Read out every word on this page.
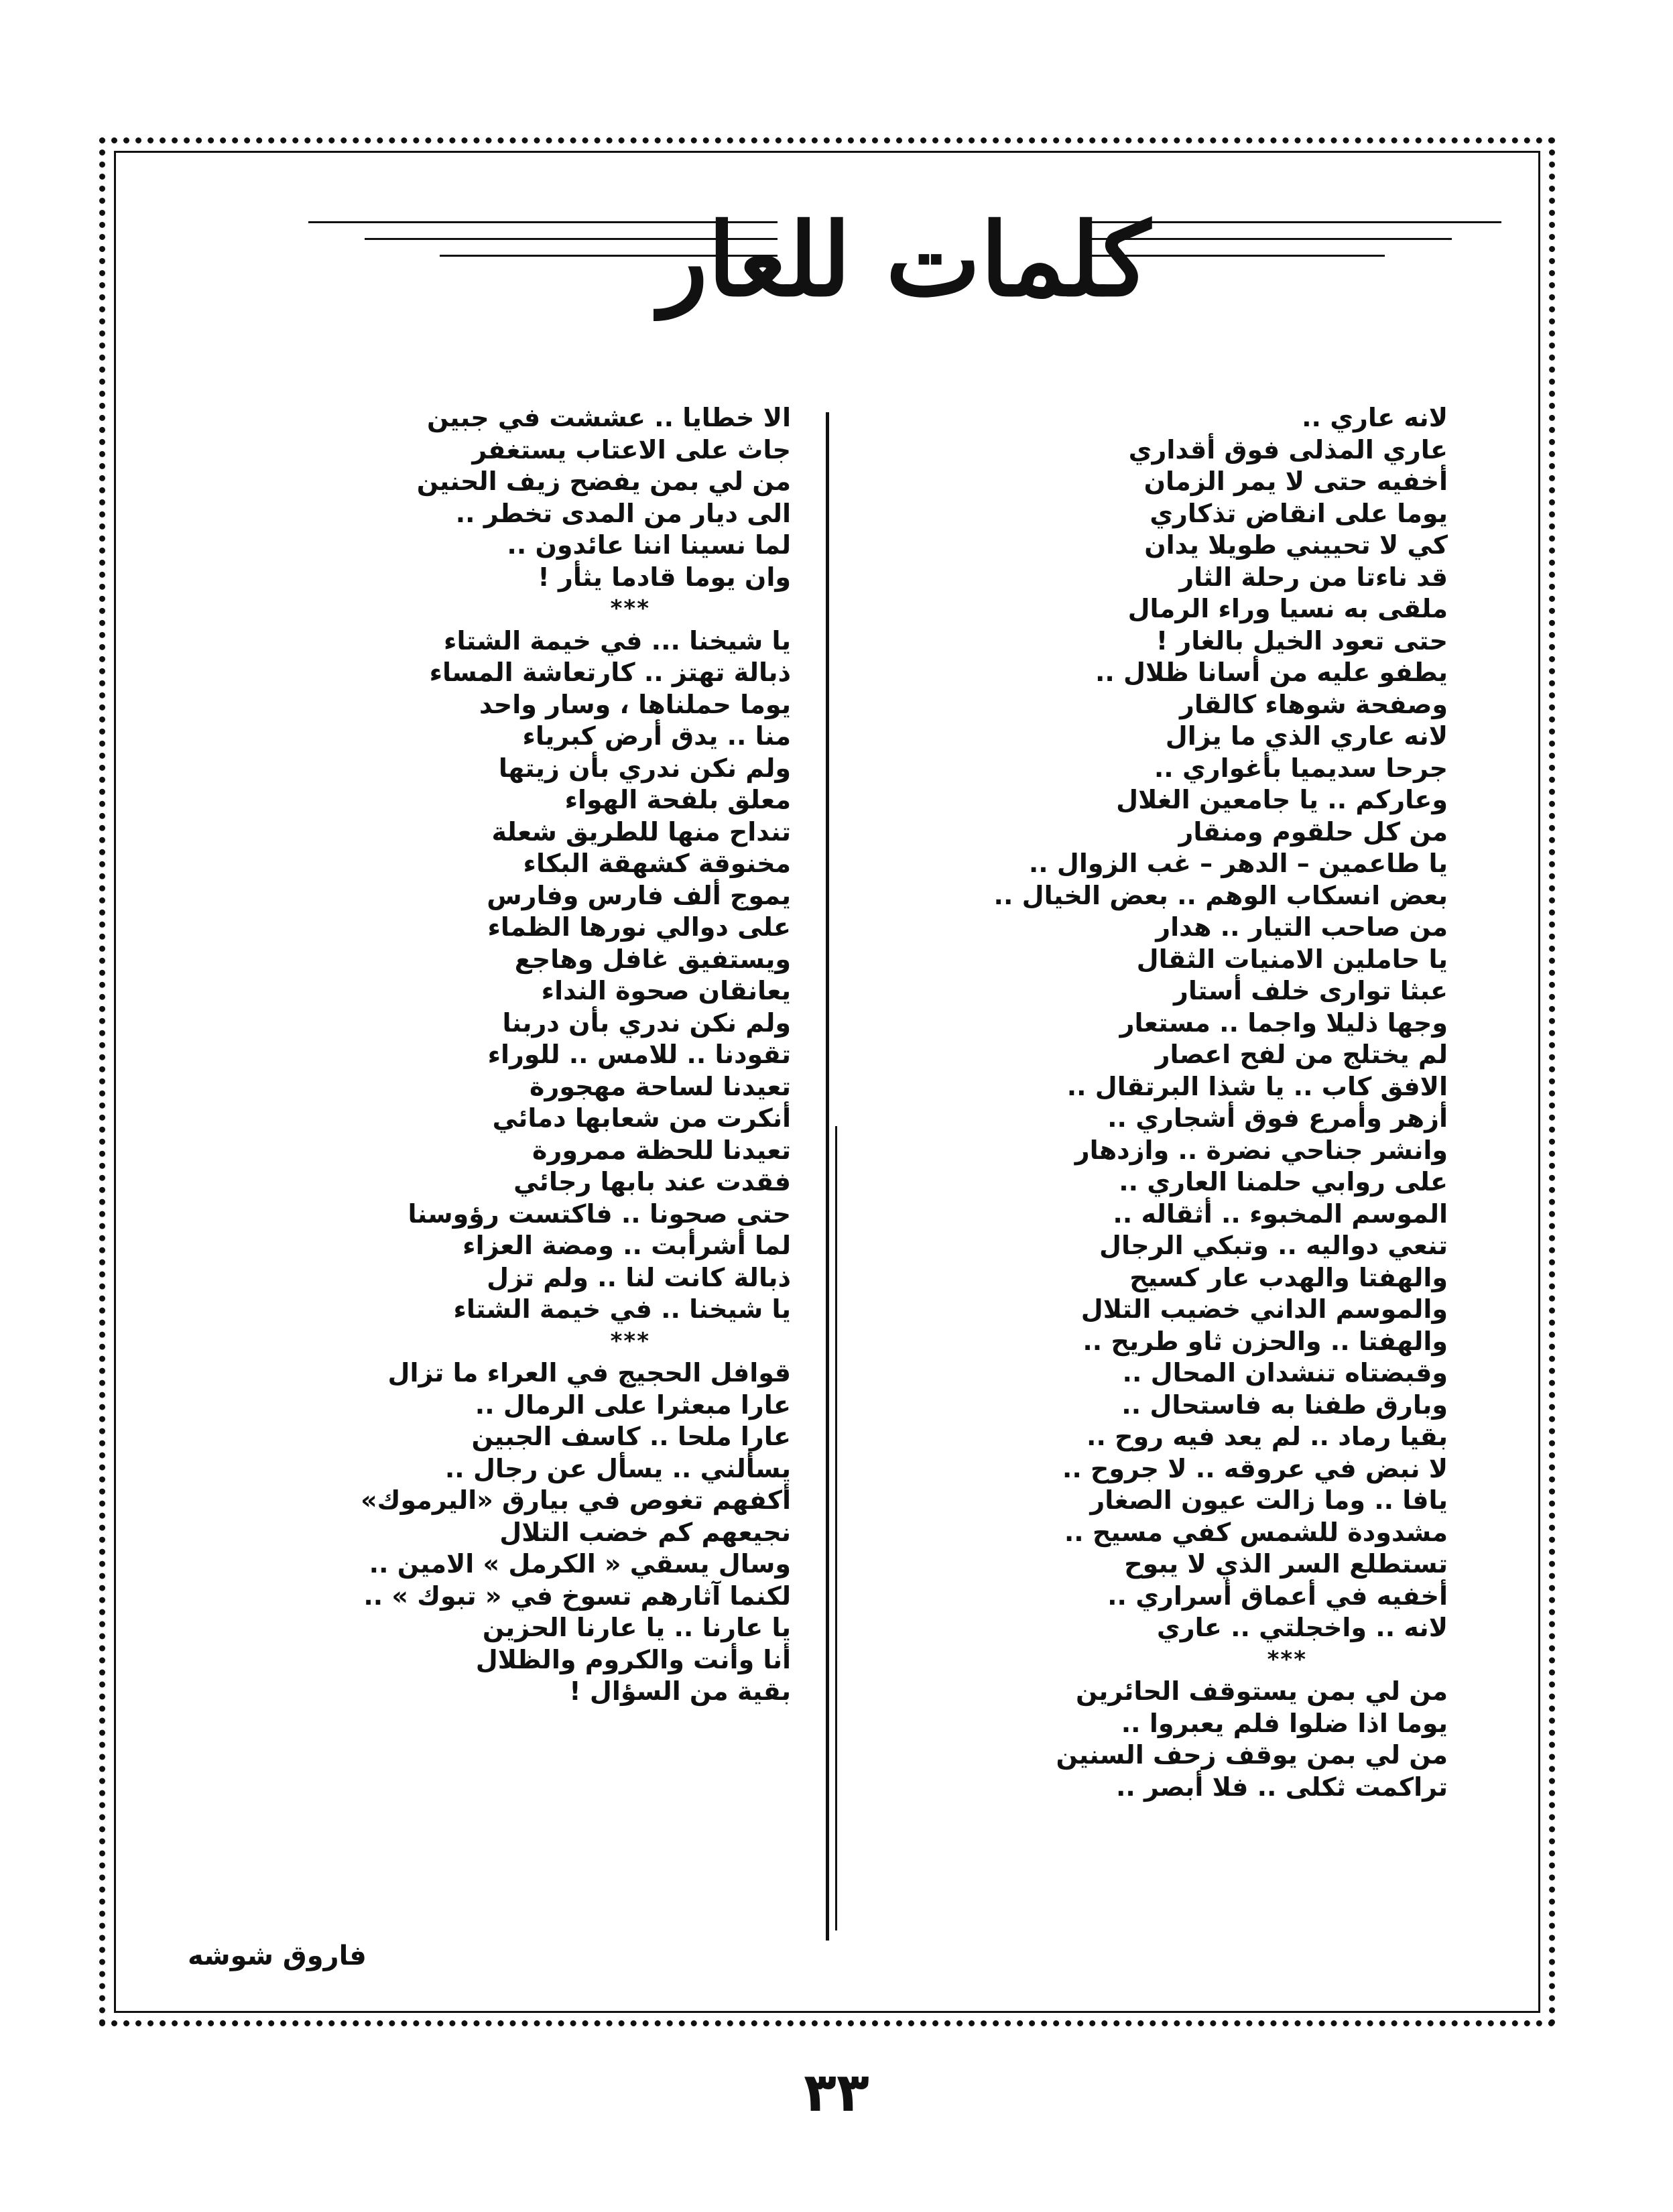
كلمات للعار
لانه عاري ..
عاري المذلى فوق أقداري
أخفيه حتى لا يمر الزمان
يوما على انقاض تذكاري
كي لا تحييني طويلا يدان
قد ناءتا من رحلة الثار
ملقى به نسيا وراء الرمال
حتى تعود الخيل بالغار !
يطفو عليه من أسانا ظلال ..
وصفحة شوهاء كالقار
لانه عاري الذي ما يزال
جرحا سديميا بأغواري ..
وعاركم .. يا جامعين الغلال
من كل حلقوم ومنقار
يا طاعمين – الدهر – غب الزوال ..
بعض انسكاب الوهم .. بعض الخيال ..
من صاحب التيار .. هدار
يا حاملين الامنيات الثقال
عبثا توارى خلف أستار
وجها ذليلا واجما .. مستعار
لم يختلج من لفح اعصار
الافق كاب .. يا شذا البرتقال ..
أزهر وأمرع فوق أشجاري ..
وانشر جناحي نضرة .. وازدهار
على روابي حلمنا العاري ..
الموسم المخبوء .. أثقاله ..
تنعي دواليه .. وتبكي الرجال
والهفتا والهدب عار كسيح
والموسم الداني خضيب التلال
والهفتا .. والحزن ثاو طريح ..
وقبضتاه تنشدان المحال ..
وبارق طفنا به فاستحال ..
بقيا رماد .. لم يعد فيه روح ..
لا نبض في عروقه .. لا جروح ..
يافا .. وما زالت عيون الصغار
مشدودة للشمس كفي مسيح ..
تستطلع السر الذي لا يبوح
أخفيه في أعماق أسراري ..
لانه .. واخجلتي .. عاري
***
من لي بمن يستوقف الحائرين
يوما اذا ضلوا فلم يعبروا ..
من لي بمن يوقف زحف السنين
تراكمت ثكلى .. فلا أبصر ..
الا خطايا .. عششت في جبين
جاث على الاعتاب يستغفر
من لي بمن يفضح زيف الحنين
الى ديار من المدى تخطر ..
لما نسينا اننا عائدون ..
وان يوما قادما يثأر !
***
يا شيخنا ... في خيمة الشتاء
ذبالة تهتز .. كارتعاشة المساء
يوما حملناها ، وسار واحد
منا .. يدق أرض كبرياء
ولم نكن ندري بأن زيتها
معلق بلفحة الهواء
تنداح منها للطريق شعلة
مخنوقة كشهقة البكاء
يموج ألف فارس وفارس
على دوالي نورها الظماء
ويستفيق غافل وهاجع
يعانقان صحوة النداء
ولم نكن ندري بأن دربنا
تقودنا .. للامس .. للوراء
تعيدنا لساحة مهجورة
أنكرت من شعابها دمائي
تعيدنا للحظة ممرورة
فقدت عند بابها رجائي
حتى صحونا .. فاكتست رؤوسنا
لما أشرأبت .. ومضة العزاء
ذبالة كانت لنا .. ولم تزل
يا شيخنا .. في خيمة الشتاء
***
قوافل الحجيج في العراء ما تزال
عارا مبعثرا على الرمال ..
عارا ملحا .. كاسف الجبين
يسألني .. يسأل عن رجال ..
أكفهم تغوص في بيارق «اليرموك»
نجيعهم كم خضب التلال
وسال يسقي « الكرمل » الامين ..
لكنما آثارهم تسوخ في « تبوك » ..
يا عارنا .. يا عارنا الحزين
أنا وأنت والكروم والظلال
بقية من السؤال !
فاروق شوشه
٣٣
